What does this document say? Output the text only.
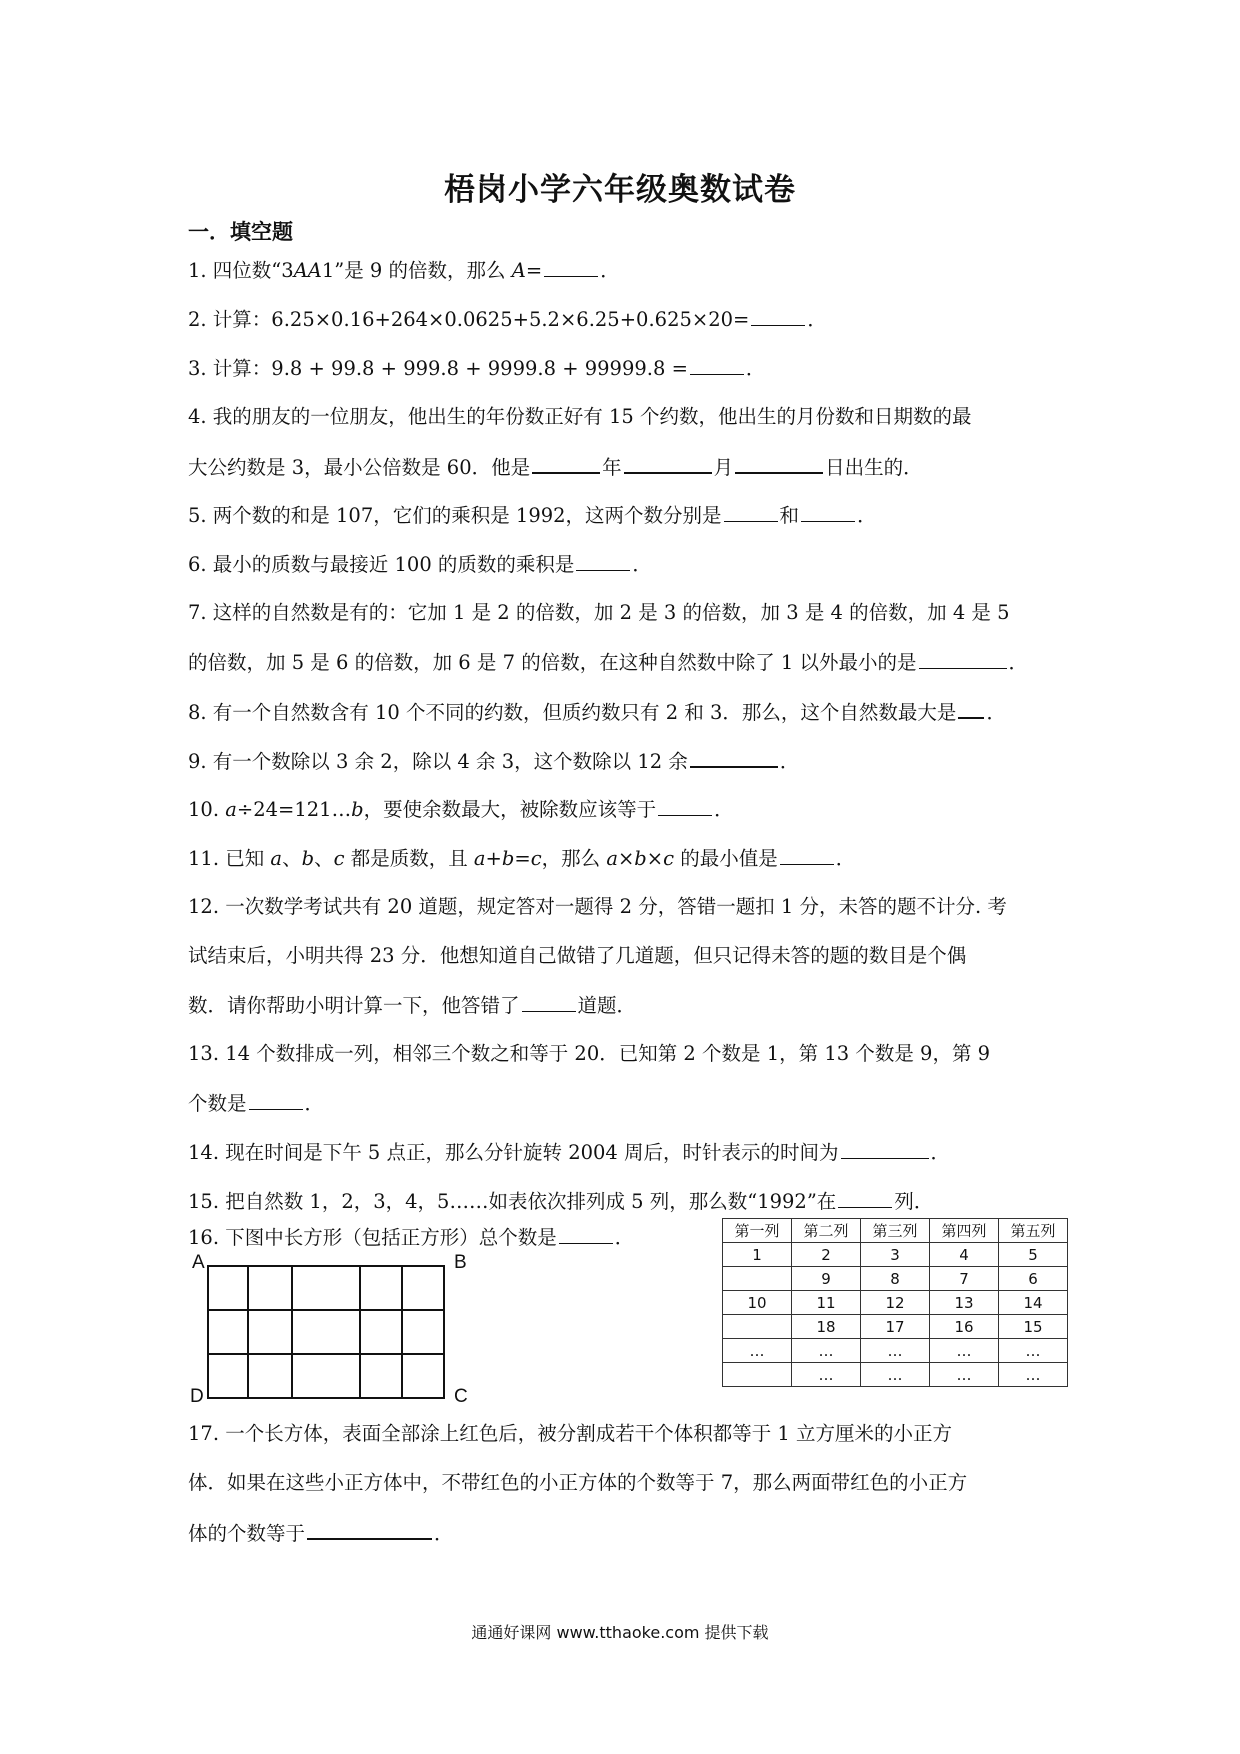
梧岗小学六年级奥数试卷
一．填空题
1. 四位数“3AA1”是 9 的倍数，那么 A=	．
2. 计算：6.25×0.16+264×0.0625+5.2×6.25+0.625×20=	．
3. 计算：9.8 + 99.8 + 999.8 + 9999.8 + 99999.8 =	．
4. 我的朋友的一位朋友，他出生的年份数正好有 15 个约数，他出生的月份数和日期数的最
大公约数是 3，最小公倍数是 60．他是	年	月	日出生的．
5. 两个数的和是 107，它们的乘积是 1992，这两个数分别是	和	．
6. 最小的质数与最接近 100 的质数的乘积是	．
7. 这样的自然数是有的：它加 1 是 2 的倍数，加 2 是 3 的倍数，加 3 是 4 的倍数，加 4 是 5
的倍数，加 5 是 6 的倍数，加 6 是 7 的倍数，在这种自然数中除了 1 以外最小的是	．
8. 有一个自然数含有 10 个不同的约数，但质约数只有 2 和 3．那么，这个自然数最大是 ．
9. 有一个数除以 3 余 2，除以 4 余 3，这个数除以 12 余	．
10. a÷24=121…b，要使余数最大，被除数应该等于	．
11. 已知 a、b、c 都是质数，且 a+b=c，那么 a×b×c 的最小值是	．
12. 一次数学考试共有 20 道题，规定答对一题得 2 分，答错一题扣 1 分，未答的题不计分. 考
试结束后，小明共得 23 分．他想知道自己做错了几道题，但只记得未答的题的数目是个偶
数．请你帮助小明计算一下，他答错了	道题．
13. 14 个数排成一列，相邻三个数之和等于 20．已知第 2 个数是 1，第 13 个数是 9，第 9
个数是	．
14. 现在时间是下午 5 点正，那么分针旋转 2004 周后，时针表示的时间为	．
15. 把自然数 1，2，3，4，5……如表依次排列成 5 列，那么数“1992”在	列．
16. 下图中长方形（包括正方形）总个数是	．
A	B
C
D
第一列	第二列	第三列	第四列	第五列
1	2	3	4	5
	9	8	7	6
10	11	12	13	14
	18	17	16	15
…	…	…	…	…
	…	…	…	…
17. 一个长方体，表面全部涂上红色后，被分割成若干个体积都等于 1 立方厘米的小正方
体．如果在这些小正方体中，不带红色的小正方体的个数等于 7，那么两面带红色的小正方
体的个数等于	．
通通好课网 www.tthaoke.com 提供下载
